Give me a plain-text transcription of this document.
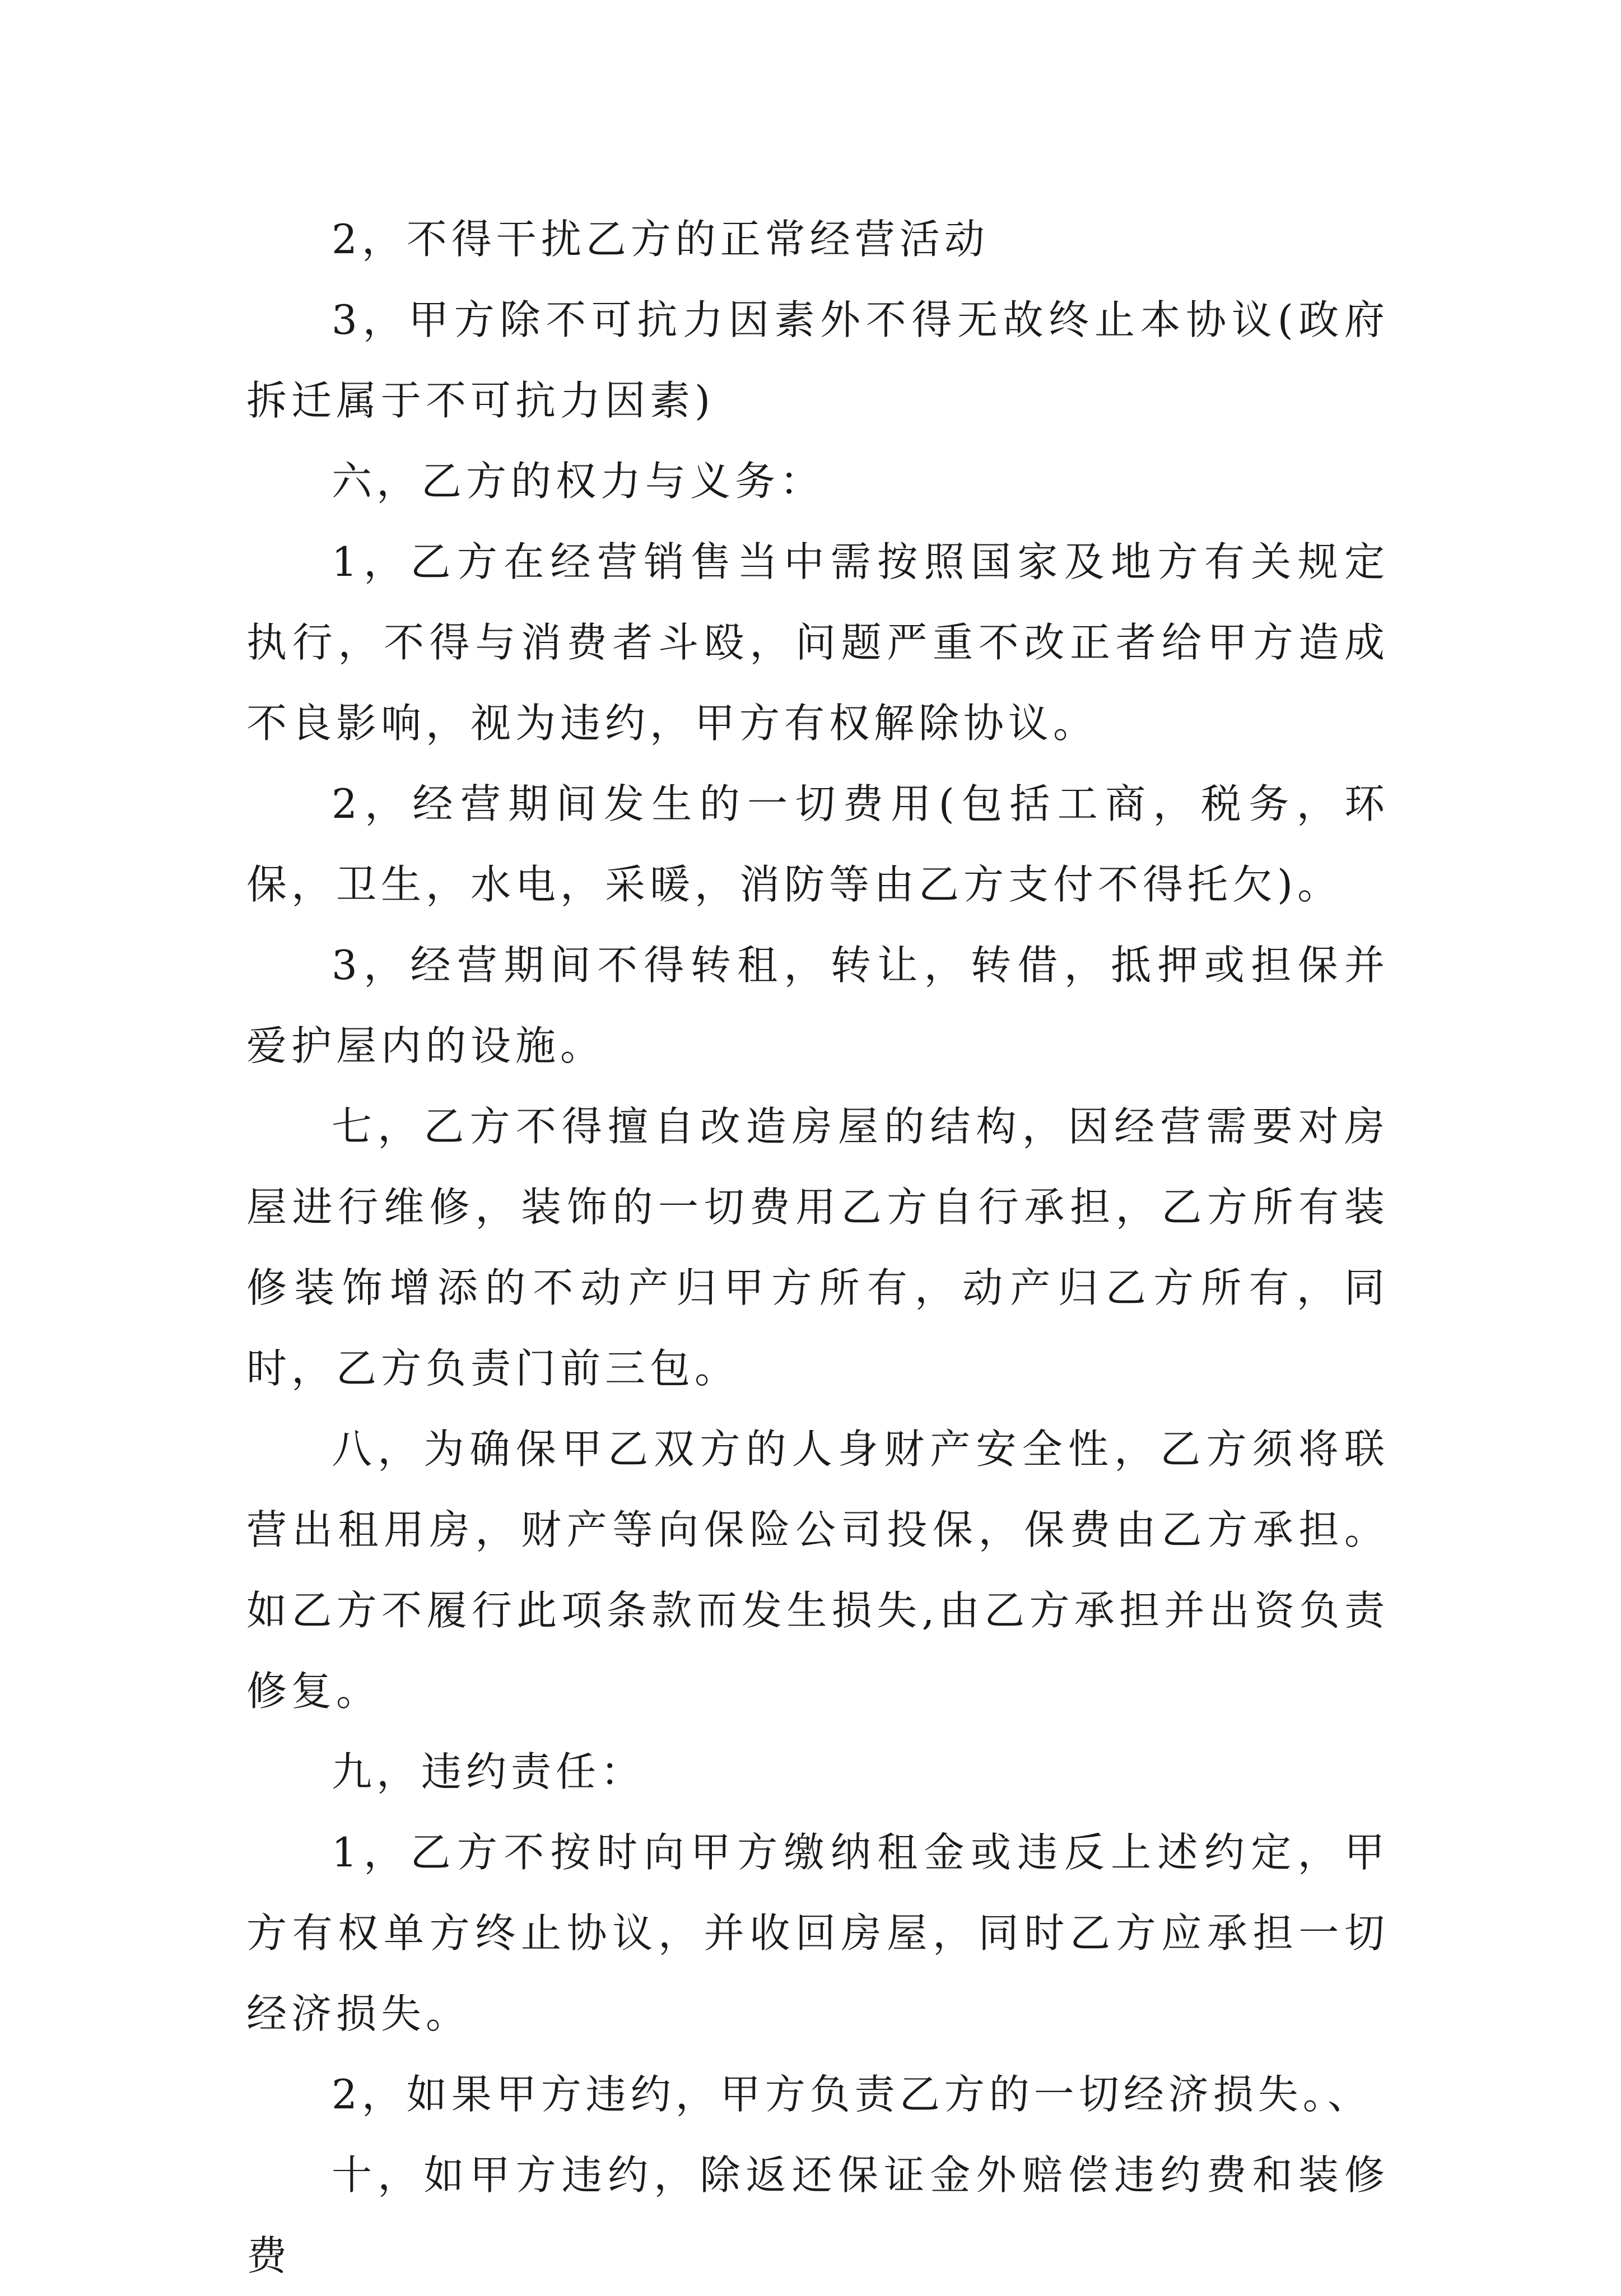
2，不得干扰乙方的正常经营活动

3，甲方除不可抗力因素外不得无故终止本协议(政府拆迁属于不可抗力因素)

六，乙方的权力与义务：

1，乙方在经营销售当中需按照国家及地方有关规定执行，不得与消费者斗殴，问题严重不改正者给甲方造成不良影响，视为违约，甲方有权解除协议。

2，经营期间发生的一切费用(包括工商，税务，环保，卫生，水电，采暖，消防等由乙方支付不得托欠)。

3，经营期间不得转租，转让，转借，抵押或担保并爱护屋内的设施。

七，乙方不得擅自改造房屋的结构，因经营需要对房屋进行维修，装饰的一切费用乙方自行承担，乙方所有装修装饰增添的不动产归甲方所有，动产归乙方所有，同时，乙方负责门前三包。

八，为确保甲乙双方的人身财产安全性，乙方须将联营出租用房，财产等向保险公司投保，保费由乙方承担。如乙方不履行此项条款而发生损失,由乙方承担并出资负责修复。

九，违约责任：

1，乙方不按时向甲方缴纳租金或违反上述约定，甲方有权单方终止协议，并收回房屋，同时乙方应承担一切经济损失。

2，如果甲方违约，甲方负责乙方的一切经济损失。、

十，如甲方违约，除返还保证金外赔偿违约费和装修费
